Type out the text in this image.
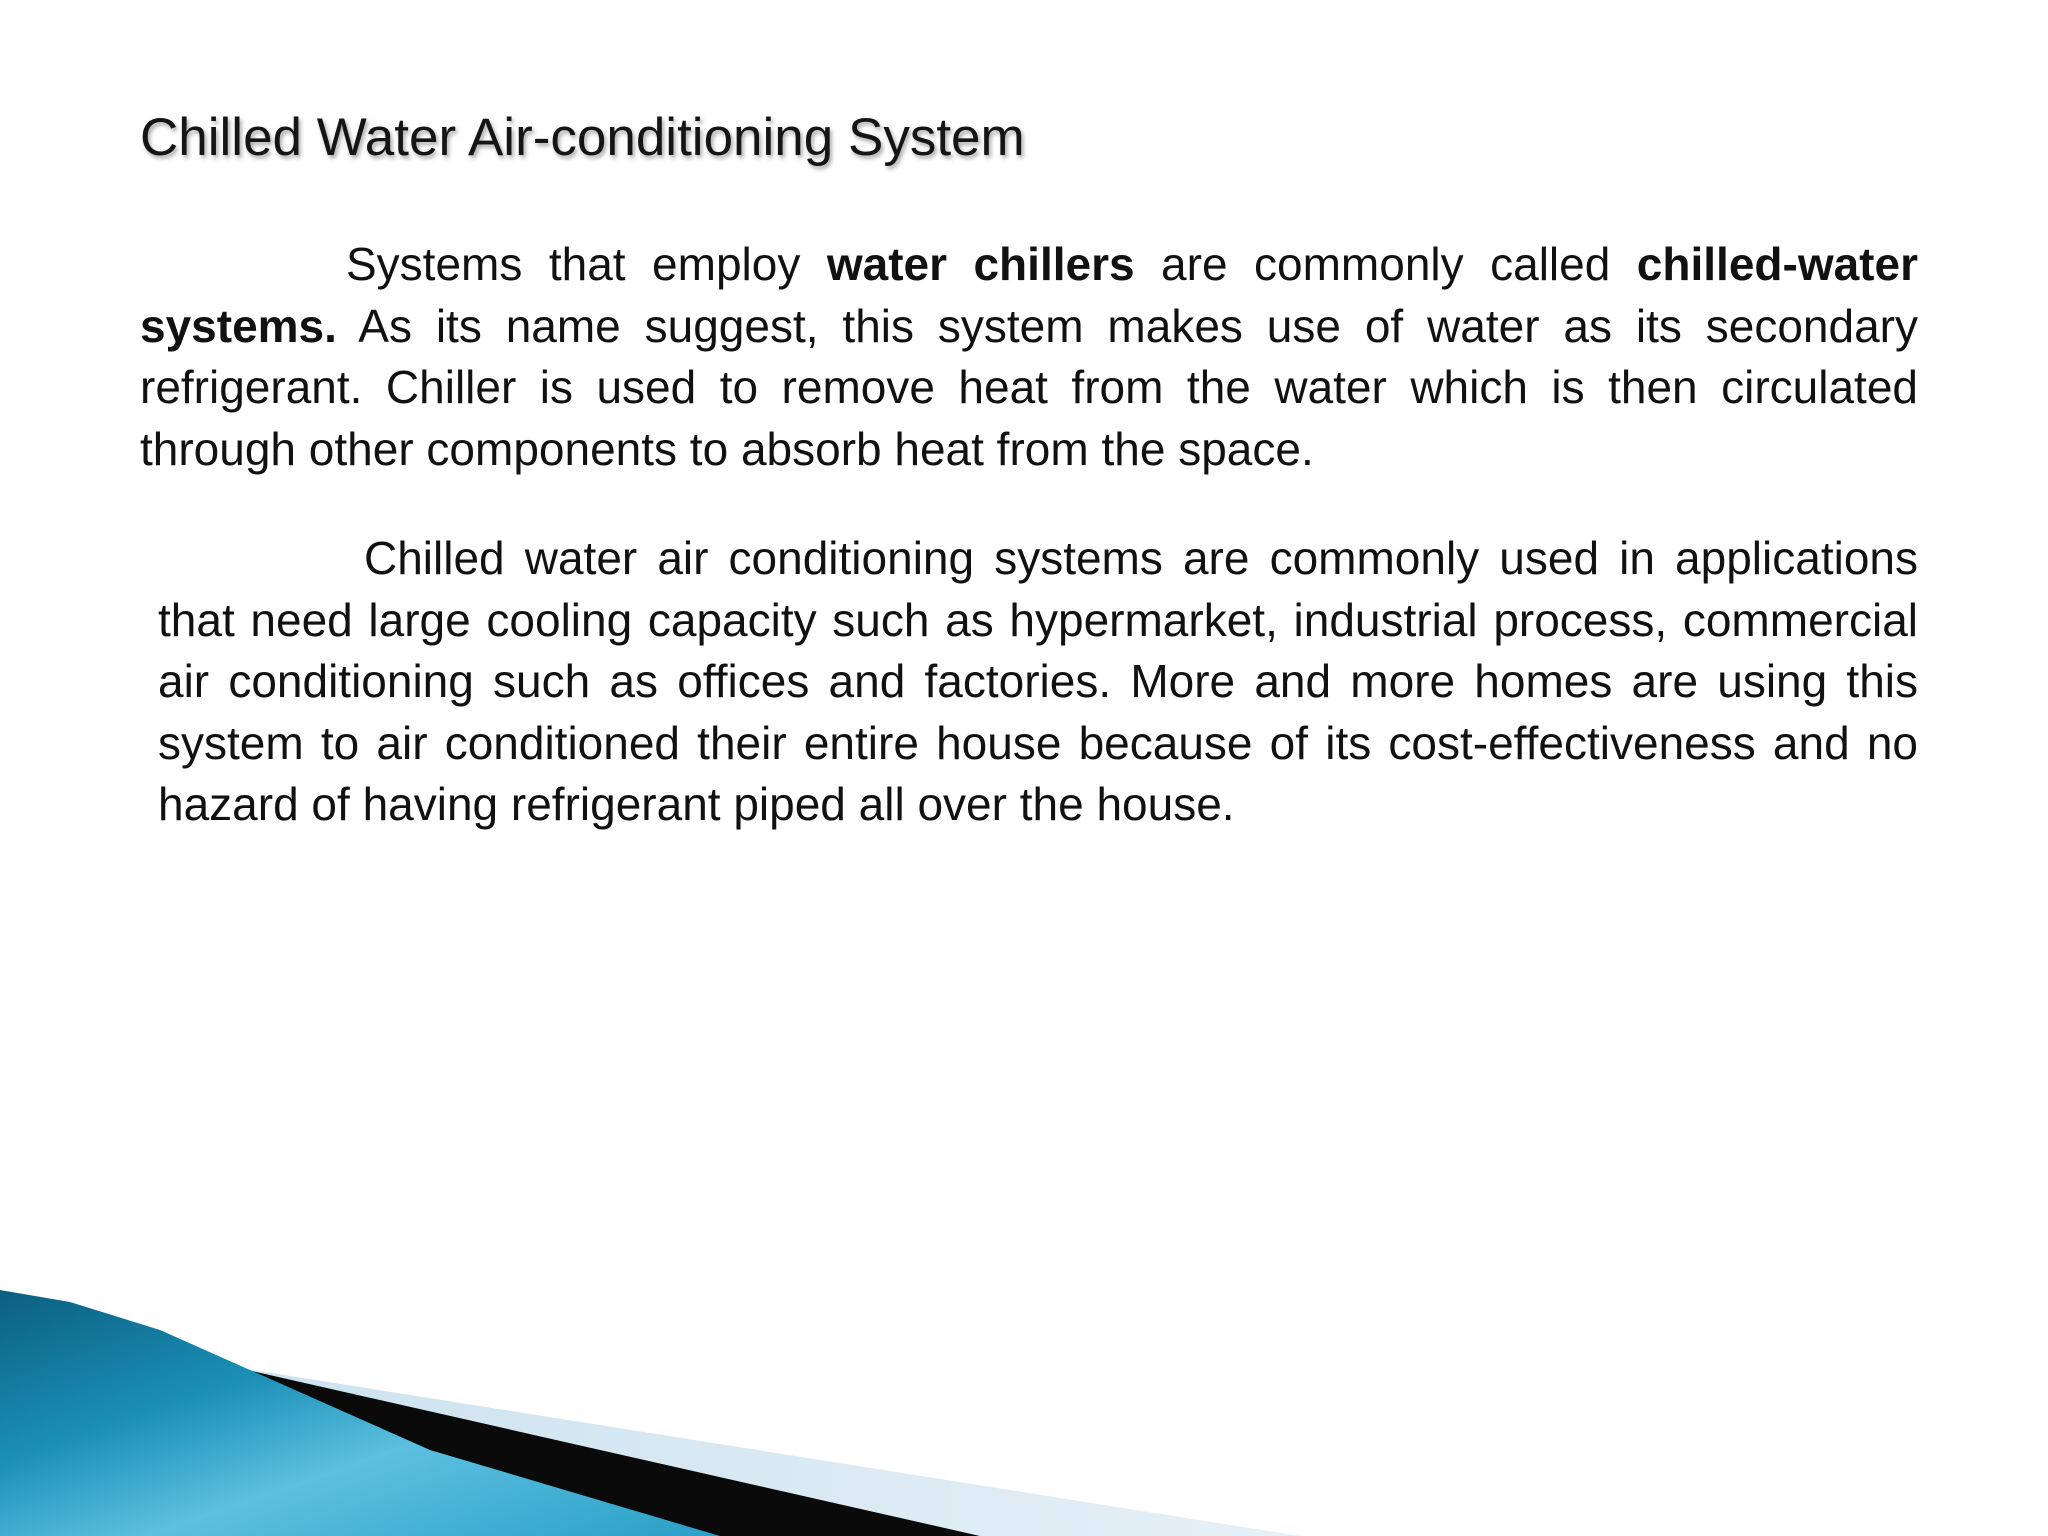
Chilled Water Air-conditioning System

Systems that employ water chillers are commonly called chilled-water systems. As its name suggest, this system makes use of water as its secondary refrigerant. Chiller is used to remove heat from the water which is then circulated through other components to absorb heat from the space.

Chilled water air conditioning systems are commonly used in applications that need large cooling capacity such as hypermarket, industrial process, commercial air conditioning such as offices and factories. More and more homes are using this system to air conditioned their entire house because of its cost-effectiveness and no hazard of having refrigerant piped all over the house.
